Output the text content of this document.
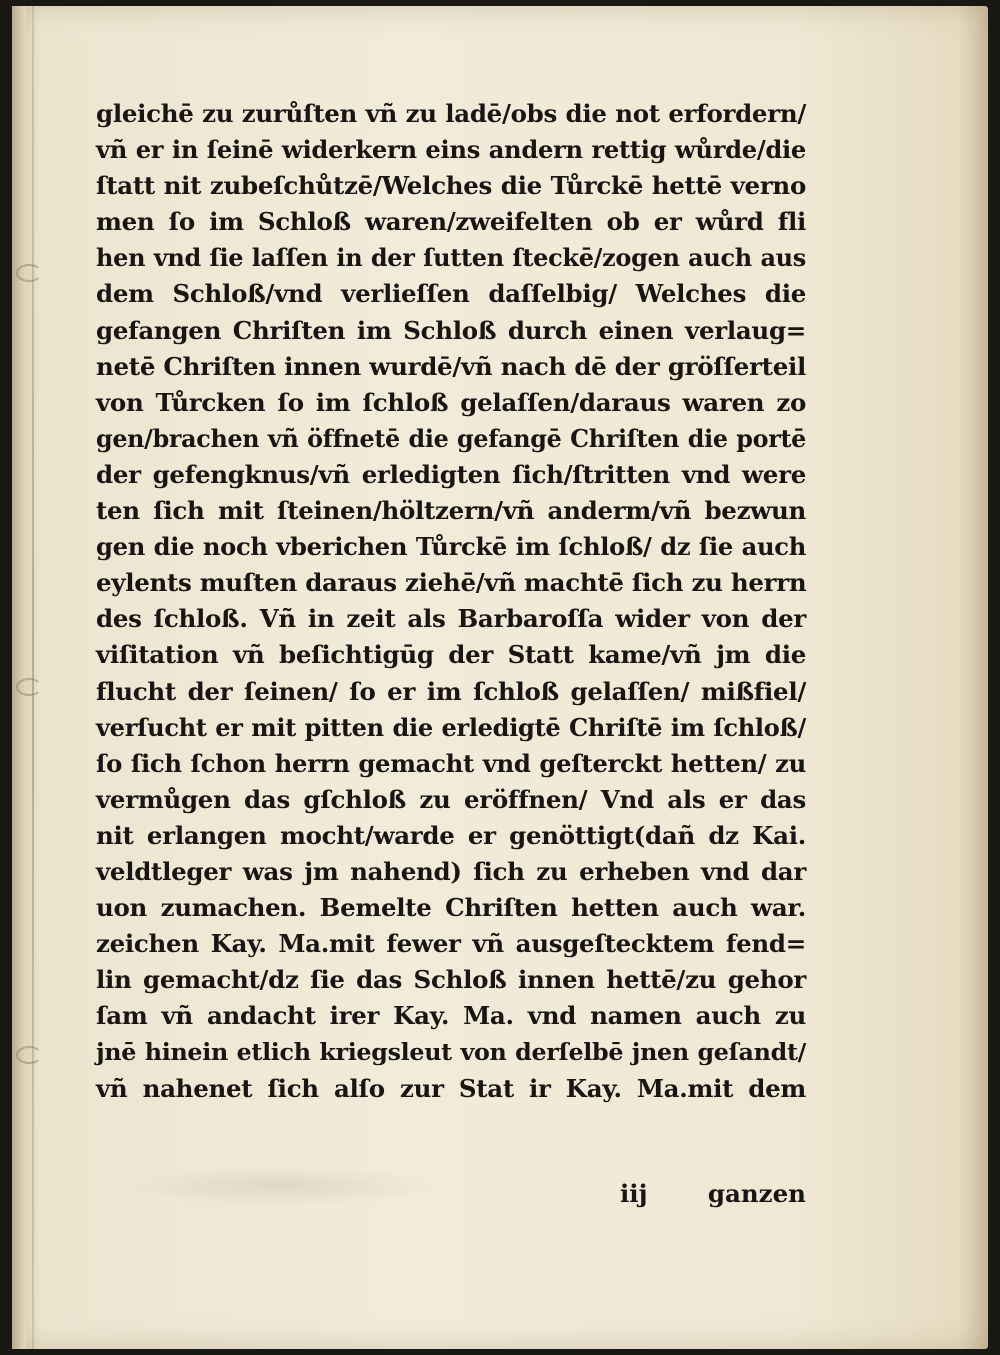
gleichē zu zurůſten vñ zu ladē/obs die not erfordern/
vñ er in ſeinē widerkern eins andern rettig wůrde/die
ſtatt nit zubeſchůtzē/Welches die Tůrckē hettē verno
men ſo im Schloß waren/zweifelten ob er wůrd fli
hen vnd ſie laſſen in der ſutten ſteckē/zogen auch aus
dem Schloß/vnd verlieſſen daſſelbig/ Welches die
gefangen Chriſten im Schloß durch einen verlaug=
netē Chriſten innen wurdē/vñ nach dē der gröſſerteil
von Tůrcken ſo im ſchloß gelaſſen/daraus waren zo
gen/brachen vñ öffnetē die gefangē Chriſten die portē
der gefengknus/vñ erledigten ſich/ſtritten vnd were
ten ſich mit ſteinen/höltzern/vñ anderm/vñ bezwun
gen die noch vberichen Tůrckē im ſchloß/ dz ſie auch
eylents muſten daraus ziehē/vñ machtē ſich zu herrn
des ſchloß. Vñ in zeit als Barbaroſſa wider von der
viſitation vñ beſichtigūg der Statt kame/vñ jm die
flucht der ſeinen/ ſo er im ſchloß gelaſſen/ mißfiel/
verſucht er mit pitten die erledigtē Chriſtē im ſchloß/
ſo ſich ſchon herrn gemacht vnd geſterckt hetten/ zu
vermůgen das gſchloß zu eröffnen/ Vnd als er das
nit erlangen mocht/warde er genöttigt(dañ dz Kai.
veldtleger was jm nahend) ſich zu erheben vnd dar
uon zumachen. Bemelte Chriſten hetten auch war.
zeichen Kay. Ma.mit fewer vñ ausgeſtecktem fend=
lin gemacht/dz ſie das Schloß innen hettē/zu gehor
ſam vñ andacht irer Kay. Ma. vnd namen auch zu
jnē hinein etlich kriegsleut von derſelbē jnen geſandt/
vñ nahenet ſich alſo zur Stat ir Kay. Ma.mit dem
iij ganzen
